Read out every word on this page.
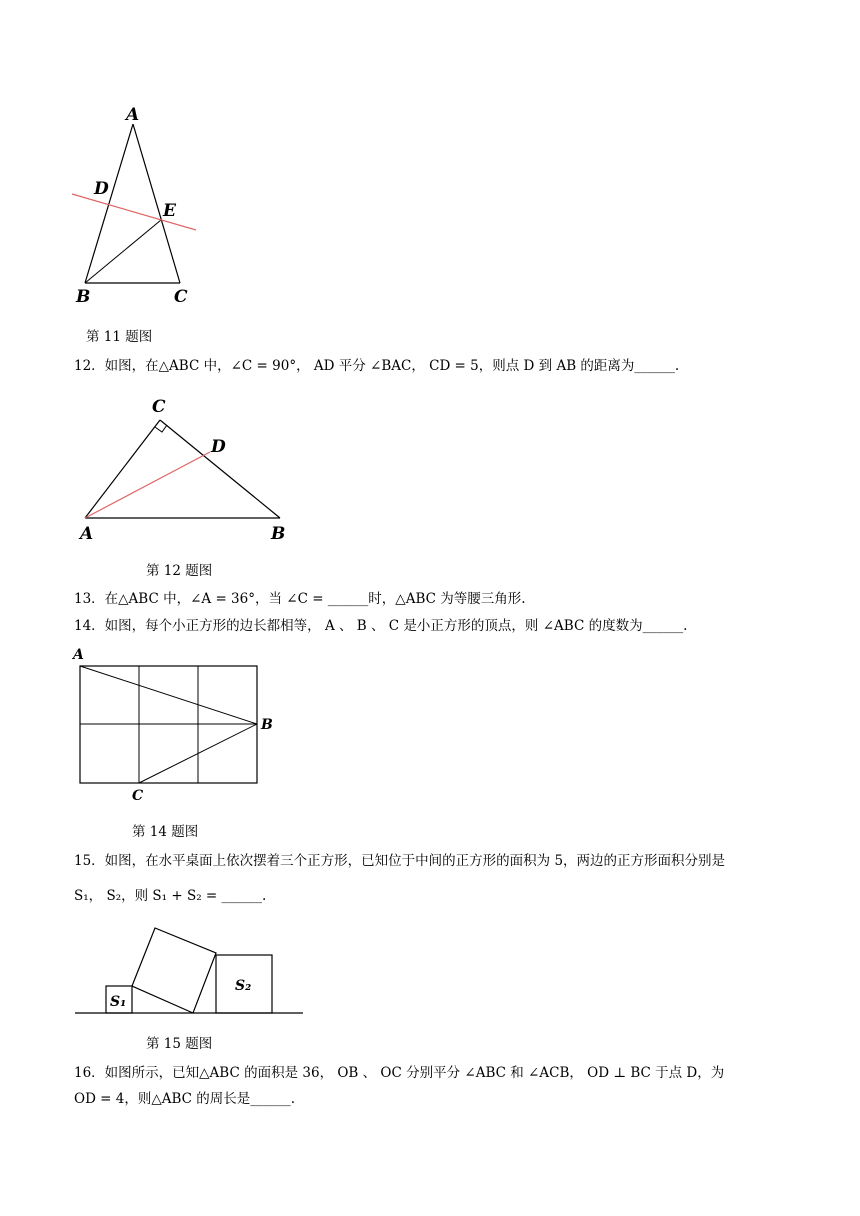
A
D
E
B	C
第 11 题图
12．如图，在△ABC 中，∠C = 90°， AD 平分 ∠BAC， CD = 5，则点 D 到 AB 的距离为______.
C
D
A	B
第 12 题图
13．在△ABC 中，∠A = 36°，当 ∠C = ______时，△ABC 为等腰三角形.
14．如图，每个小正方形的边长都相等， A 、 B 、 C 是小正方形的顶点，则 ∠ABC 的度数为______.
A
B
C
第 14 题图
15．如图，在水平桌面上依次摆着三个正方形，已知位于中间的正方形的面积为 5，两边的正方形面积分别是
S₁， S₂，则 S₁ + S₂ = ______.
S₁
S₂
第 15 题图
16．如图所示，已知△ABC 的面积是 36， OB 、 OC 分别平分 ∠ABC 和 ∠ACB， OD ⊥ BC 于点 D，为
OD = 4，则△ABC 的周长是______.
